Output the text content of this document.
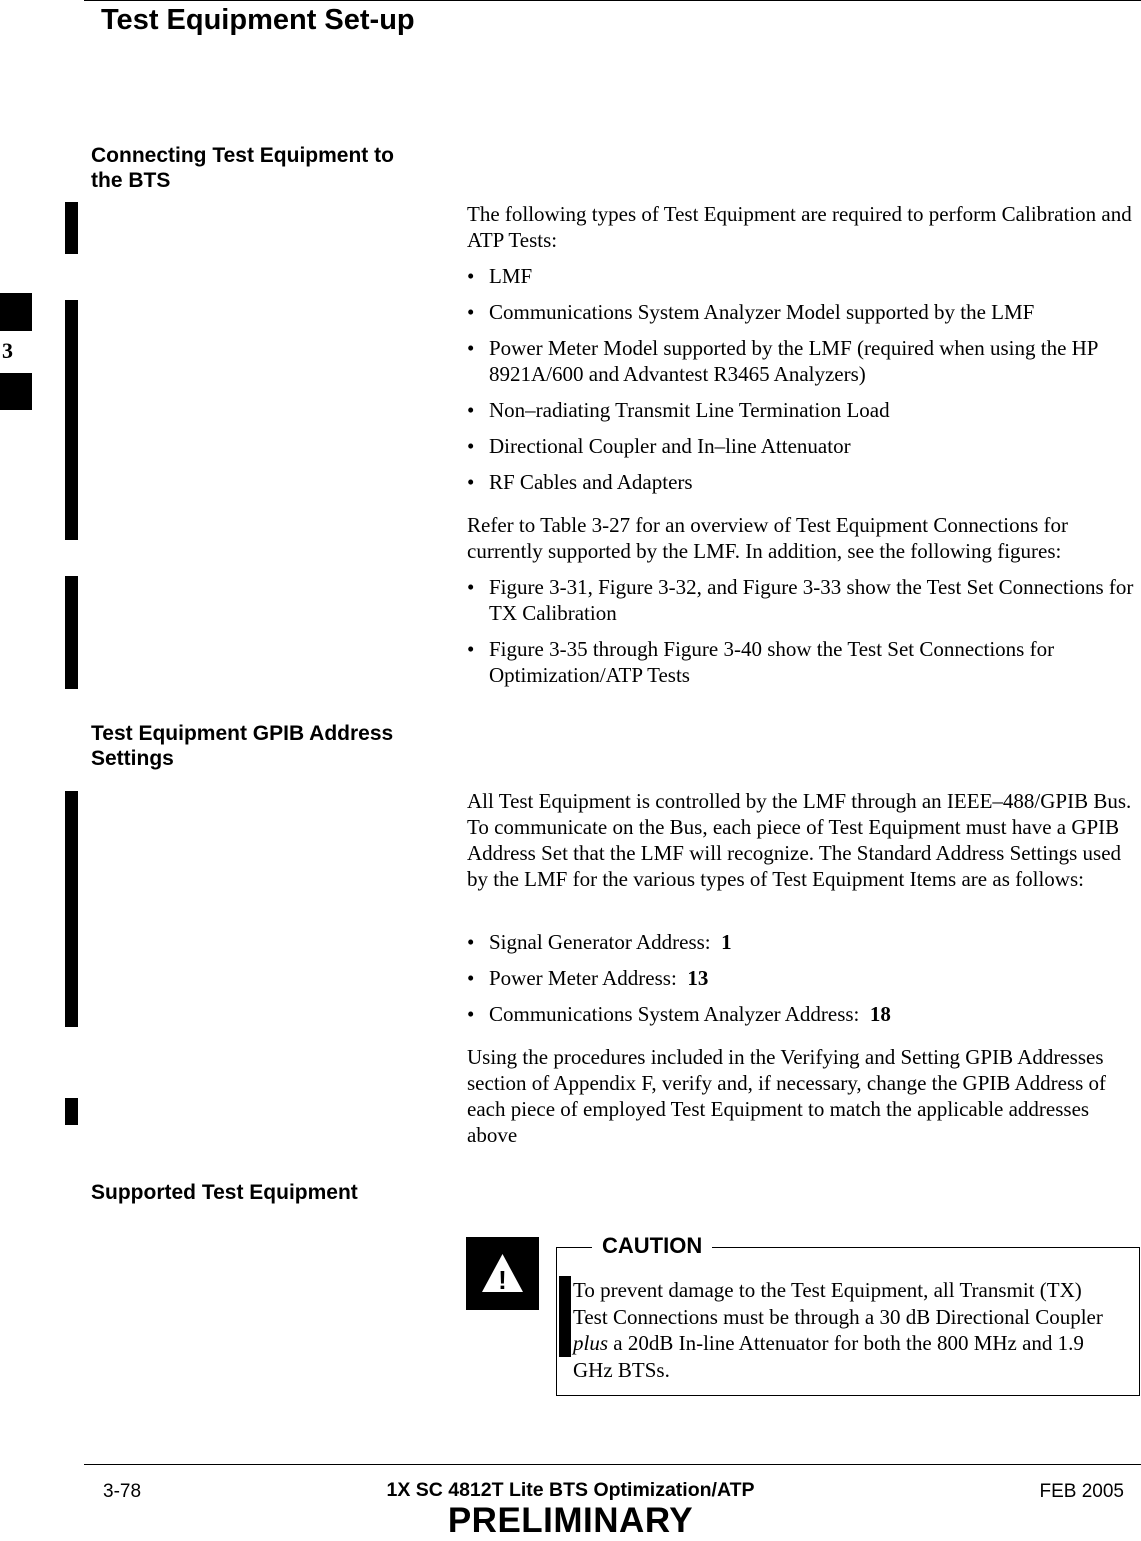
Test Equipment Set-up
3
Connecting Test Equipment to the BTS

The following types of Test Equipment are required to perform Calibration and ATP Tests:

• LMF
• Communications System Analyzer Model supported by the LMF
• Power Meter Model supported by the LMF (required when using the HP 8921A/600 and Advantest R3465 Analyzers)
• Non–radiating Transmit Line Termination Load
• Directional Coupler and In–line Attenuator
• RF Cables and Adapters

Refer to Table 3-27 for an overview of Test Equipment Connections for currently supported by the LMF. In addition, see the following figures:

• Figure 3-31, Figure 3-32, and Figure 3-33 show the Test Set Connections for TX Calibration
• Figure 3-35 through Figure 3-40 show the Test Set Connections for Optimization/ATP Tests
Test Equipment GPIB Address Settings

All Test Equipment is controlled by the LMF through an IEEE–488/GPIB Bus. To communicate on the Bus, each piece of Test Equipment must have a GPIB Address Set that the LMF will recognize. The Standard Address Settings used by the LMF for the various types of Test Equipment Items are as follows:

• Signal Generator Address: 1
• Power Meter Address: 13
• Communications System Analyzer Address: 18

Using the procedures included in the Verifying and Setting GPIB Addresses section of Appendix F, verify and, if necessary, change the GPIB Address of each piece of employed Test Equipment to match the applicable addresses above

Supported Test Equipment
!
CAUTION
To prevent damage to the Test Equipment, all Transmit (TX) Test Connections must be through a 30 dB Directional Coupler plus a 20dB In-line Attenuator for both the 800 MHz and 1.9 GHz BTSs.
3-78	1X SC 4812T Lite BTS Optimization/ATP	FEB 2005
PRELIMINARY
